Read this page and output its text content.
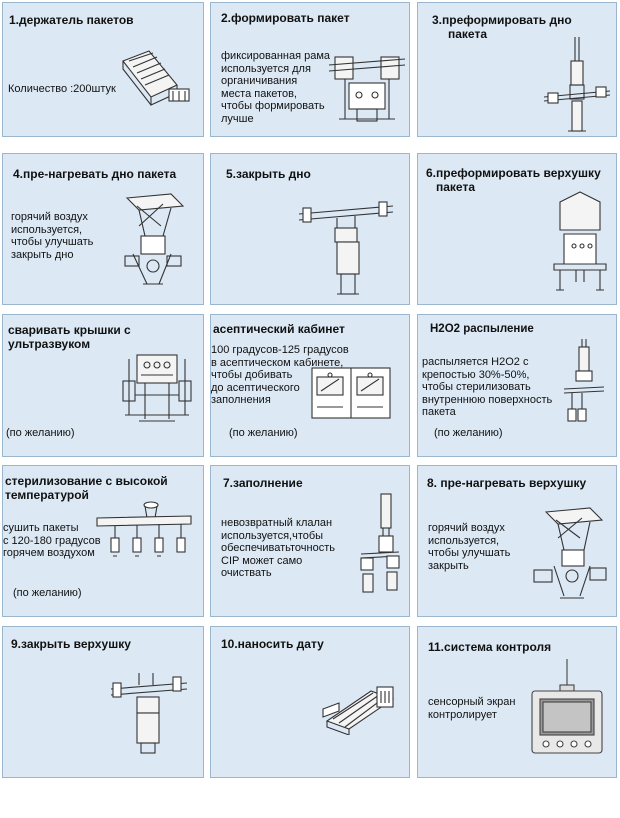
1.держатель пакетов
Количество :200штук
2.формировать пакет
фиксированная рама
используется для
органичивания
места пакетов,
чтобы формировать
лучше
3.преформировать дно
пакета
4.пре-нагревать дно пакета
горячий воздух
используется,
чтобы улучшать
закрыть дно
5.закрыть дно	6.преформировать верхушку
пакета
сваривать крышки с
ультразвуком
(по желанию)
асептический кабинет
100 градусов-125 градусов
в асептическом кабинете,
чтобы добивать
до асептического
заполнения
(по желанию)
H2O2 распыление
распыляется H2O2 с
крепостью 30%-50%,
чтобы стерилизовать
внутреннюю поверхность
пакета
(по желанию)
стерилизование с высокой
температурой
сушить пакеты
с 120-180 градусов
горячем воздухом
(по желанию)
7.заполнение
невозвратный клалан
используется,чтобы
обеспечиватьточность
CIP может само
очиствать
8. пре-нагревать верхушку
горячий воздух
используется,
чтобы улучшать
закрыть
9.закрыть верхушку	10.наносить дату	11.система контроля
сенсорный экран
контролирует
